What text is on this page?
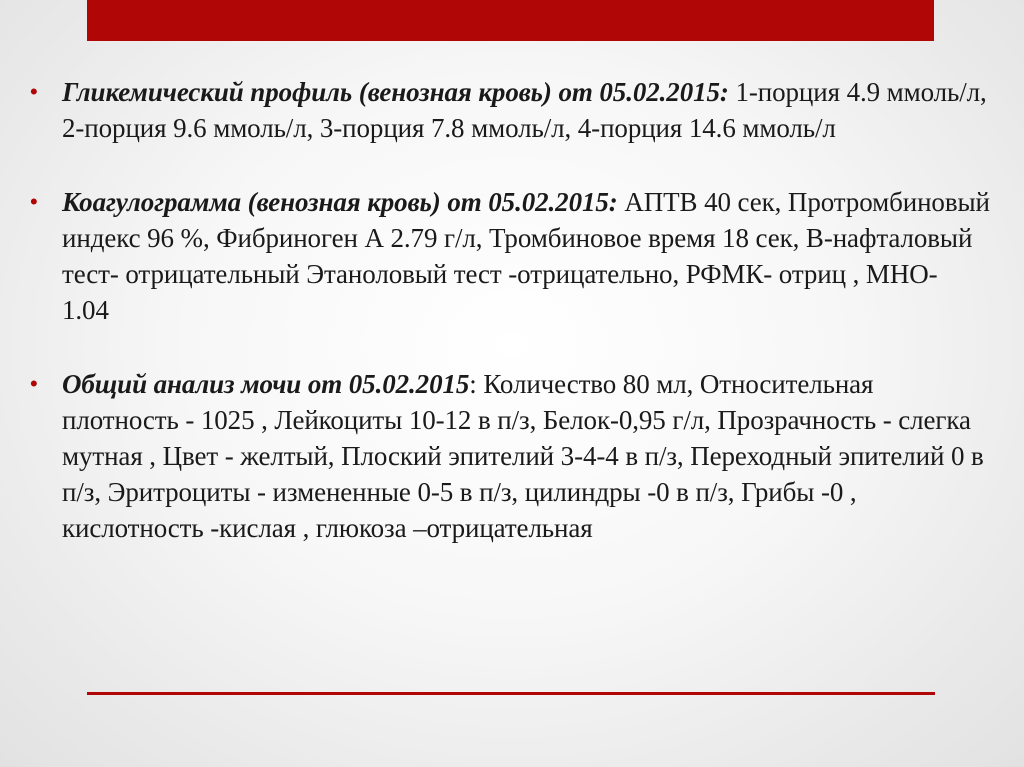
• Гликемический профиль (венозная кровь) от 05.02.2015: 1-порция 4.9 ммоль/л, 2-порция 9.6 ммоль/л, 3-порция 7.8 ммоль/л, 4-порция 14.6 ммоль/л
• Коагулограмма (венозная кровь) от 05.02.2015: АПТВ 40 сек, Протромбиновый индекс 96 %, Фибриноген А 2.79 г/л, Тромбиновое время 18 сек, В-нафталовый тест- отрицательный Этаноловый тест -отрицательно, РФМК- отриц , МНО- 1.04
• Общий анализ мочи от 05.02.2015: Количество 80 мл, Относительная плотность - 1025 , Лейкоциты 10-12 в п/з, Белок-0,95 г/л, Прозрачность - слегка мутная , Цвет - желтый, Плоский эпителий 3-4-4 в п/з, Переходный эпителий 0 в п/з, Эритроциты - измененные 0-5 в п/з, цилиндры -0 в п/з, Грибы -0 , кислотность -кислая , глюкоза –отрицательная
